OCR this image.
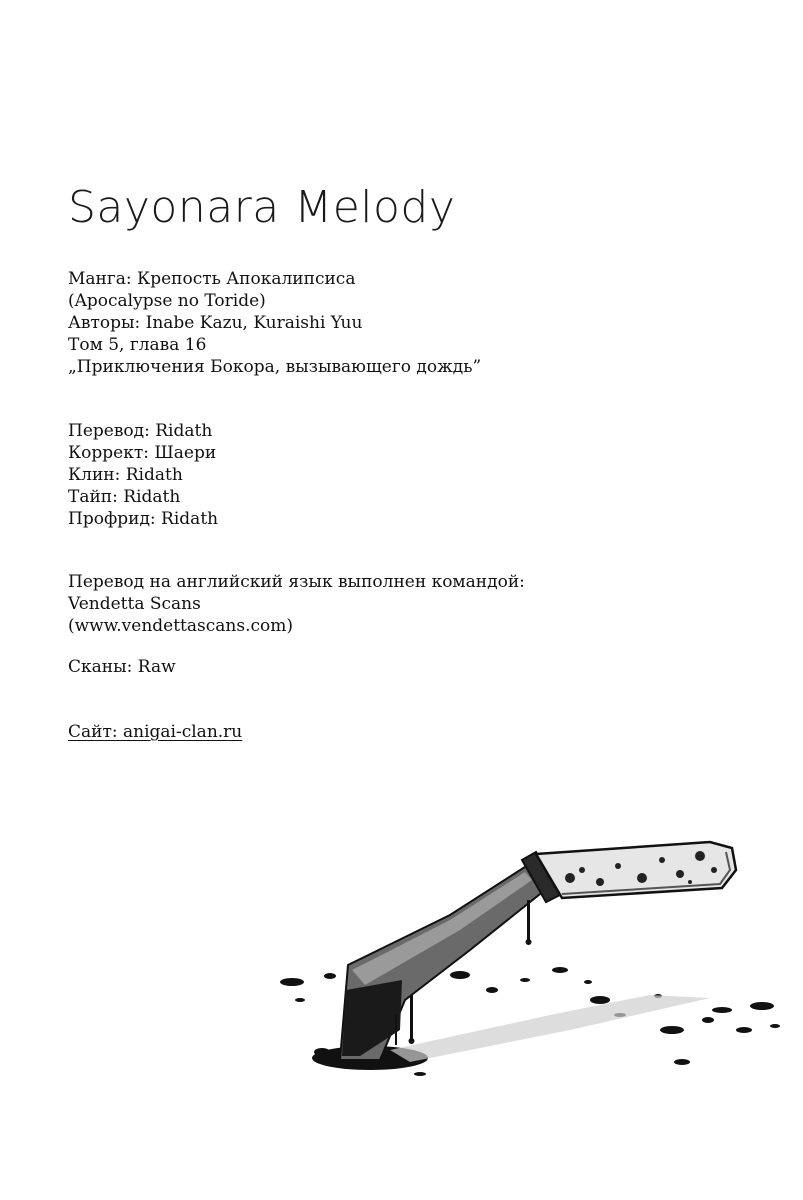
Sayonara Melody
Манга: Крепость Апокалипсиса
(Apocalypse no Toride)
Авторы: Inabe Kazu, Kuraishi Yuu
Том 5, глава 16
„Приключения Бокора, вызывающего дождь”
Перевод: Ridath
Коррект: Шаери
Клин: Ridath
Тайп: Ridath
Профрид: Ridath
Перевод на английский язык выполнен командой:
Vendetta Scans
(www.vendettascans.com)
Сканы: Raw
Сайт: anigai-clan.ru
